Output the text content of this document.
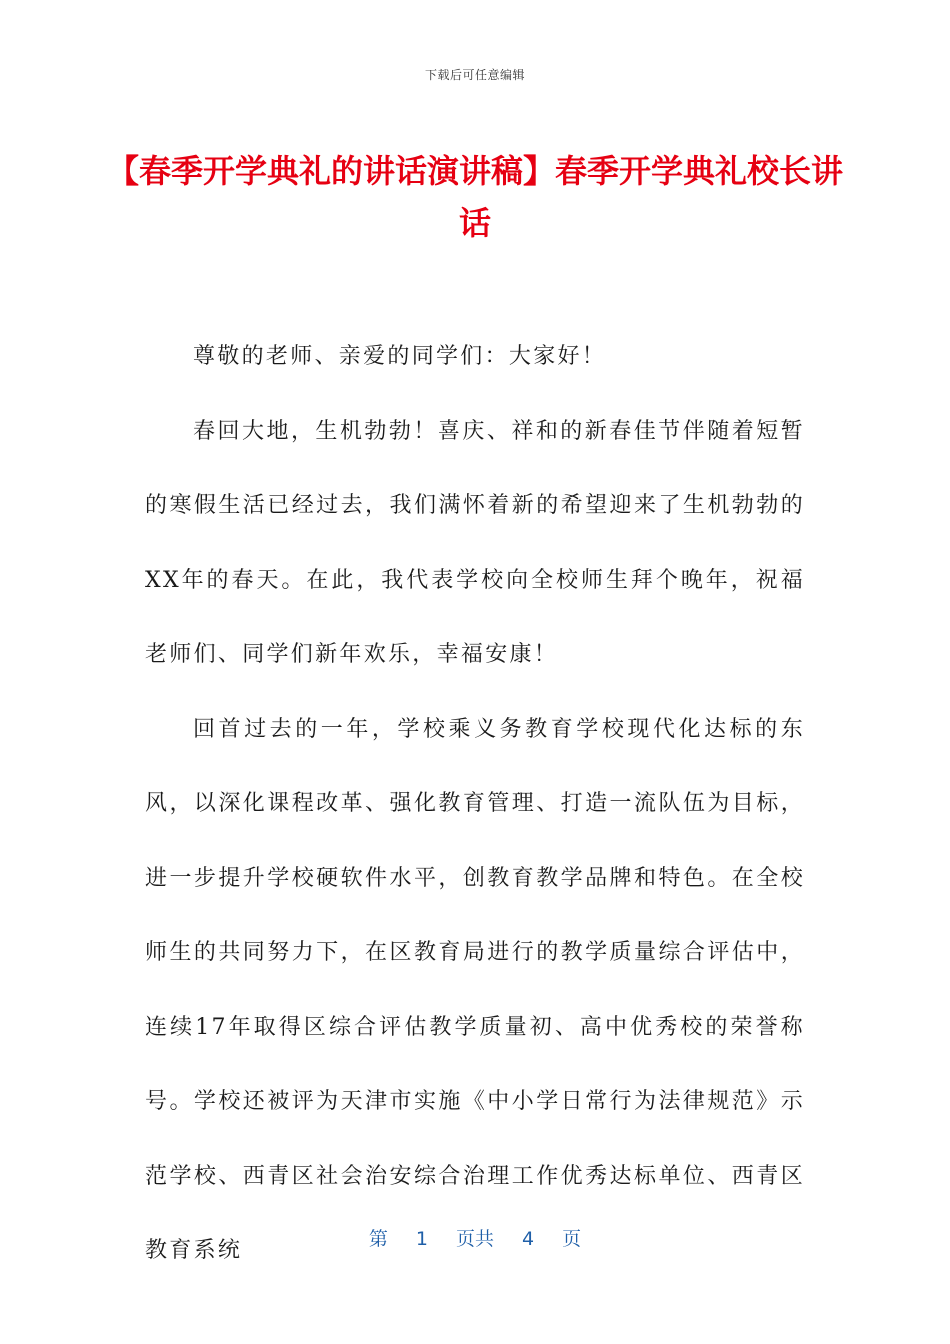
下载后可任意编辑
【春季开学典礼的讲话演讲稿】春季开学典礼校长讲话

尊敬的老师、亲爱的同学们：大家好！

春回大地，生机勃勃！喜庆、祥和的新春佳节伴随着短暂的寒假生活已经过去，我们满怀着新的希望迎来了生机勃勃的XX年的春天。在此，我代表学校向全校师生拜个晚年，祝福老师们、同学们新年欢乐，幸福安康！

回首过去的一年，学校乘义务教育学校现代化达标的东风，以深化课程改革、强化教育管理、打造一流队伍为目标，进一步提升学校硬软件水平，创教育教学品牌和特色。在全校师生的共同努力下，在区教育局进行的教学质量综合评估中，连续17年取得区综合评估教学质量初、高中优秀校的荣誉称号。学校还被评为天津市实施《中小学日常行为法律规范》示范学校、西青区社会治安综合治理工作优秀达标单位、西青区教育系统	第 1 页共 4 页
